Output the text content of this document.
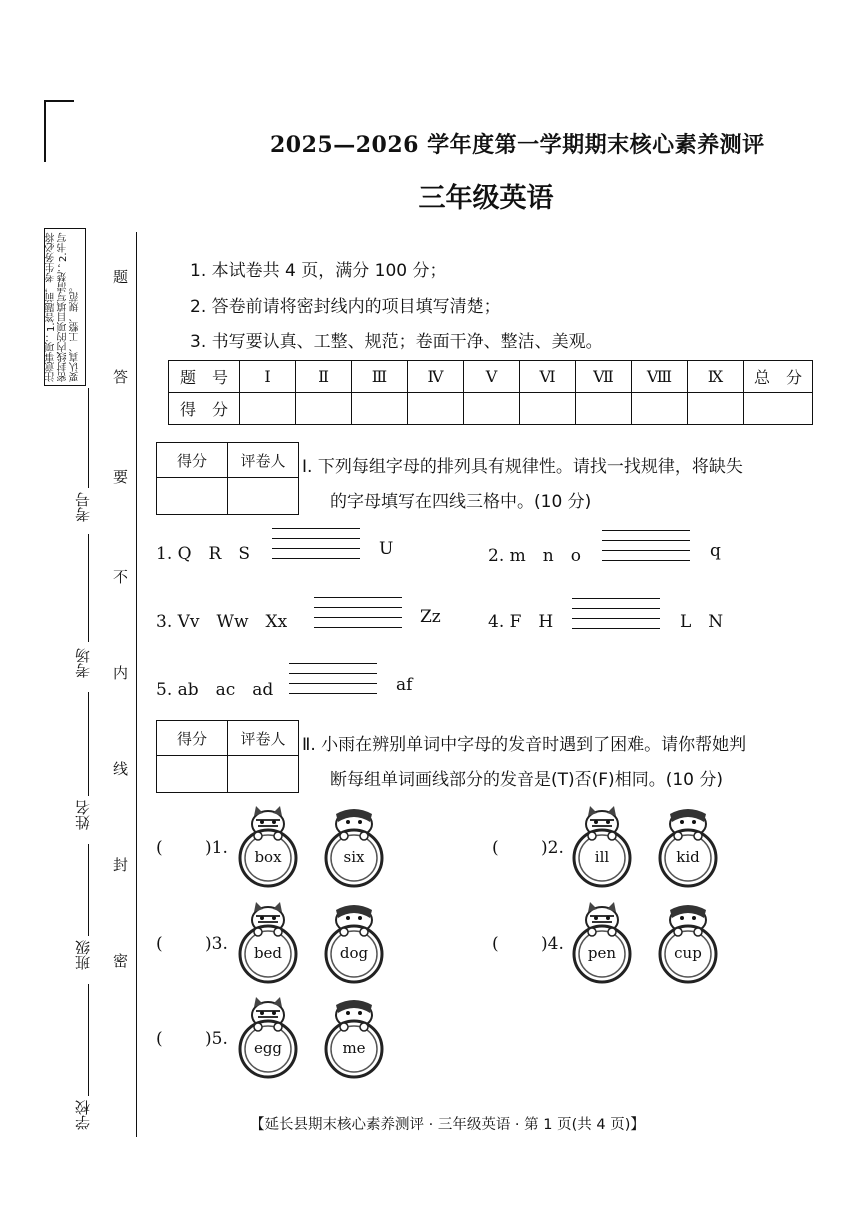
2025—2026 学年度第一学期期末核心素养测评
三年级英语
注意事项：1.答题前，考生务必将密封线内的项目填写清楚；2.书写要认真、工整、规范。
题
答
要
不
内
线
封
密
考号
考场
姓名
班级
学校
1. 本试卷共 4 页，满分 100 分；
2. 答卷前请将密封线内的项目填写清楚；
3. 书写要认真、工整、规范；卷面干净、整洁、美观。
题　号	Ⅰ	Ⅱ	Ⅲ	Ⅳ	Ⅴ	Ⅵ	Ⅶ	Ⅷ	Ⅸ	总　分
得　分										
得分	评卷人
	Ⅰ. 下列每组字母的排列具有规律性。请找一找规律，将缺失
的字母填写在四线三格中。(10 分)
1. Q　R　S	U	2. m　n　o	q
3. Vv　Ww　Xx	Zz	4. F　H	L　N
5. ab　ac　ad	af
得分	评卷人
	Ⅱ. 小雨在辨别单词中字母的发音时遇到了困难。请你帮她判
断每组单词画线部分的发音是(T)否(F)相同。(10 分)
( )1.	box	six	( )2.	ill	kid
( )3.	bed	dog	( )4.	pen	cup
( )5.	egg	me
【延长县期末核心素养测评 · 三年级英语 · 第 1 页(共 4 页)】
